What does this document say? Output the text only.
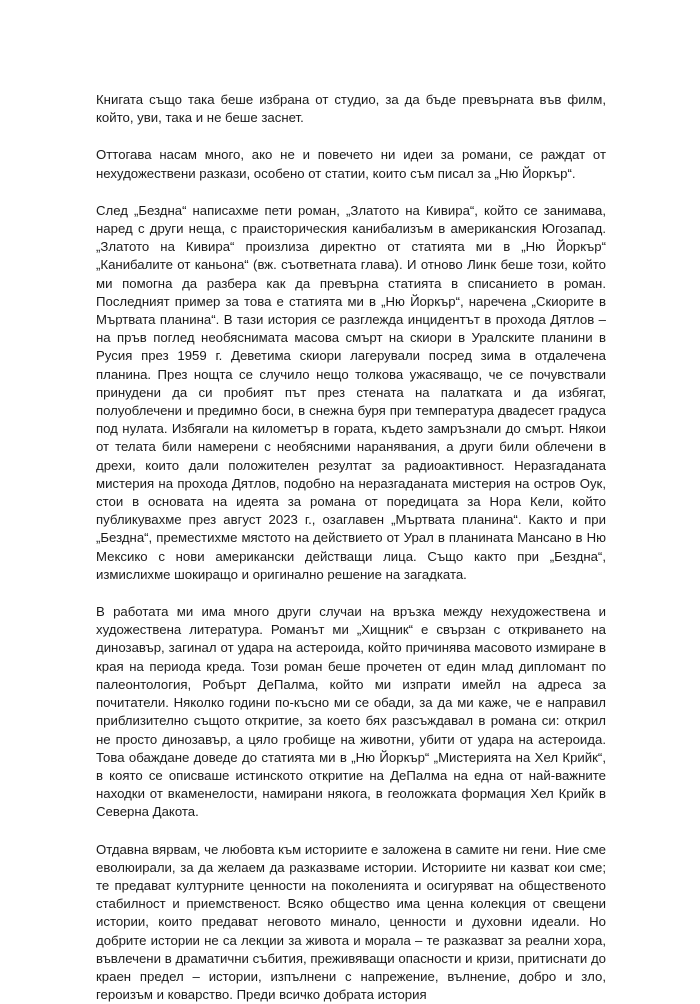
Книгата също така беше избрана от студио, за да бъде превърната във филм, който, уви, така и не беше заснет.

Оттогава насам много, ако не и повечето ни идеи за романи, се раждат от нехудожествени разкази, особено от статии, които съм писал за „Ню Йоркър“.

След „Бездна“ написахме пети роман, „Златото на Кивира“, който се занимава, наред с други неща, с праисторическия канибализъм в американския Югозапад. „Златото на Кивира“ произлиза директно от статията ми в „Ню Йоркър“ „Канибалите от каньона“ (вж. съответната глава). И отново Линк беше този, който ми помогна да разбера как да превърна статията в списанието в роман. Последният пример за това е статията ми в „Ню Йоркър“, наречена „Скиорите в Мъртвата планина“. В тази история се разглежда инцидентът в прохода Дятлов – на пръв поглед необяснимата масова смърт на скиори в Уралските планини в Русия през 1959 г. Деветима скиори лагерували посред зима в отдалечена планина. През нощта се случило нещо толкова ужасяващо, че се почувствали принудени да си пробият път през стената на палатката и да избягат, полуоблечени и предимно боси, в снежна буря при температура двадесет градуса под нулата. Избягали на километър в гората, където замръзнали до смърт. Някои от телата били намерени с необясними наранявания, а други били облечени в дрехи, които дали положителен резултат за радиоактивност. Неразгаданата мистерия на прохода Дятлов, подобно на неразгаданата мистерия на остров Оук, стои в основата на идеята за романа от поредицата за Нора Кели, който публикувахме през август 2023 г., озаглавен „Мъртвата планина“. Както и при „Бездна“, преместихме мястото на действието от Урал в планината Мансано в Ню Мексико с нови американски действащи лица. Също както при „Бездна“, измислихме шокиращо и оригинално решение на загадката.

В работата ми има много други случаи на връзка между нехудожествена и художествена литература. Романът ми „Хищник“ е свързан с откриването на динозавър, загинал от удара на астероида, който причинява масовото измиране в края на периода креда. Този роман беше прочетен от един млад дипломант по палеонтология, Робърт ДеПалма, който ми изпрати имейл на адреса за почитатели. Няколко години по-късно ми се обади, за да ми каже, че е направил приблизително същото откритие, за което бях разсъждавал в романа си: открил не просто динозавър, а цяло гробище на животни, убити от удара на астероида. Това обаждане доведе до статията ми в „Ню Йоркър“ „Мистерията на Хел Крийк“, в която се описваше истинското откритие на ДеПалма на една от най-важните находки от вкаменелости, намирани някога, в геоложката формация Хел Крийк в Северна Дакота.

Отдавна вярвам, че любовта към историите е заложена в самите ни гени. Ние сме еволюирали, за да желаем да разказваме истории. Историите ни казват кои сме; те предават културните ценности на поколенията и осигуряват на общественото стабилност и приемственост. Всяко общество има ценна колекция от свещени истории, които предават неговото минало, ценности и духовни идеали. Но добрите истории не са лекции за живота и морала – те разказват за реални хора, въвлечени в драматични събития, преживяващи опасности и кризи, притиснати до краен предел – истории, изпълнени с напрежение, вълнение, добро и зло, героизъм и коварство. Преди всичко добрата история
